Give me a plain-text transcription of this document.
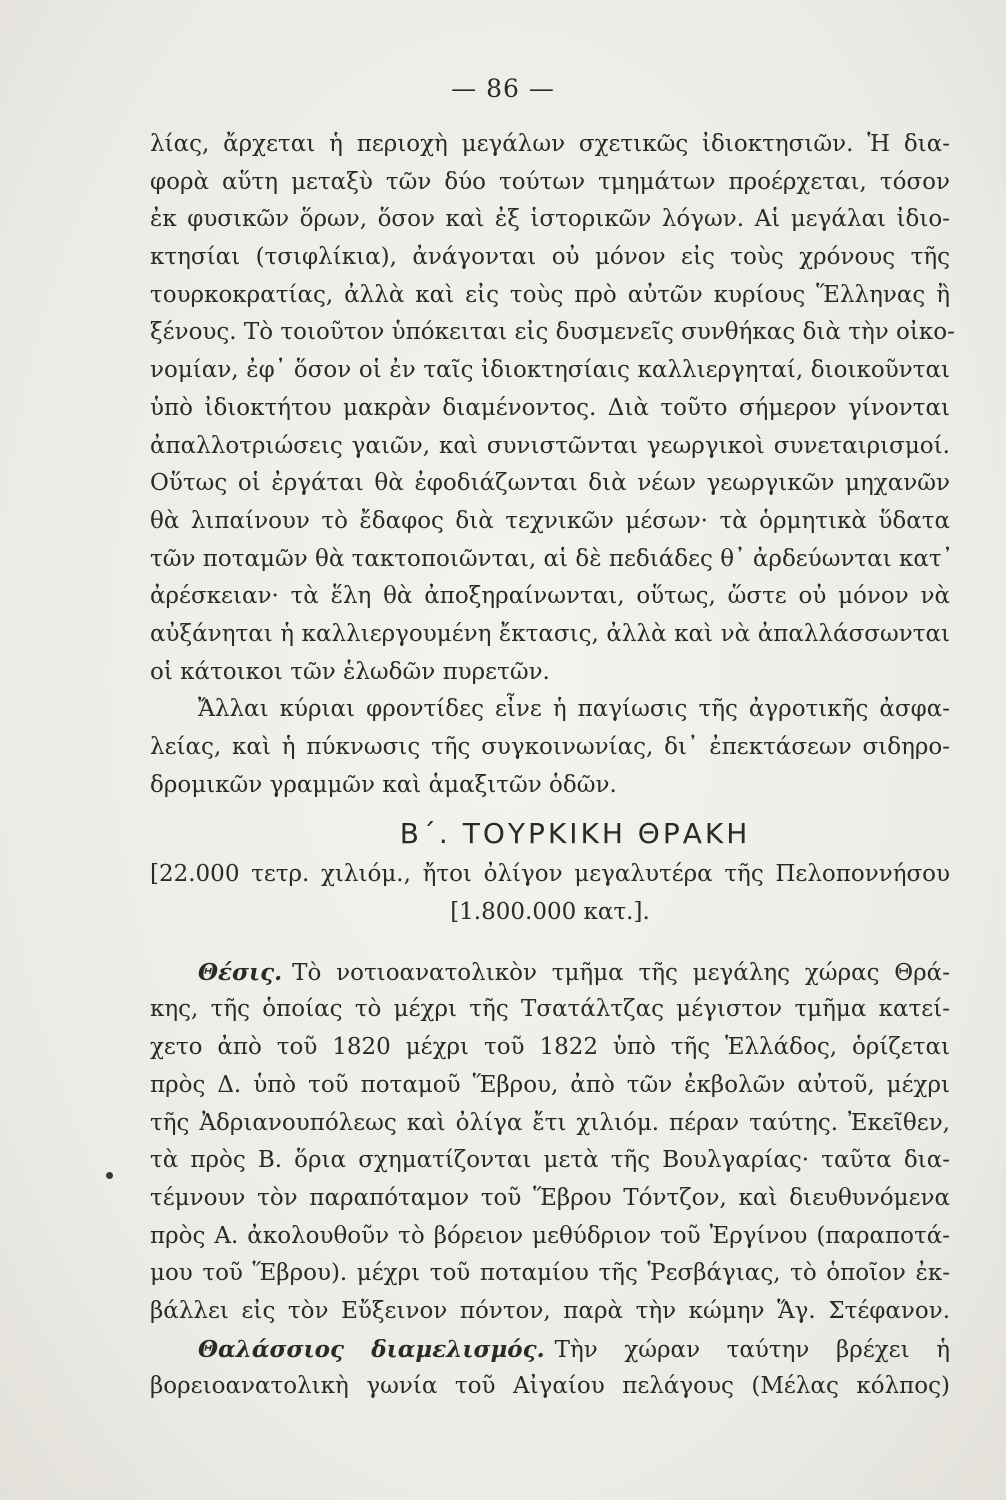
— 86 —
λίας, ἄρχεται ἡ περιοχὴ μεγάλων σχετικῶς ἰδιοκτησιῶν. Ἡ δια-
φορὰ αὕτη μεταξὺ τῶν δύο τούτων τμημάτων προέρχεται, τόσον
ἐκ φυσικῶν ὅρων, ὅσον καὶ ἐξ ἱστορικῶν λόγων. Αἱ μεγάλαι ἰδιο-
κτησίαι (τσιφλίκια), ἀνάγονται οὐ μόνον εἰς τοὺς χρόνους τῆς
τουρκοκρατίας, ἀλλὰ καὶ εἰς τοὺς πρὸ αὐτῶν κυρίους Ἕλληνας ἢ
ξένους. Τὸ τοιοῦτον ὑπόκειται εἰς δυσμενεῖς συνθήκας διὰ τὴν οἰκο-
νομίαν, ἐφ᾽ ὅσον οἱ ἐν ταῖς ἰδιοκτησίαις καλλιεργηταί, διοικοῦνται
ὑπὸ ἰδιοκτήτου μακρὰν διαμένοντος. Διὰ τοῦτο σήμερον γίνονται
ἀπαλλοτριώσεις γαιῶν, καὶ συνιστῶνται γεωργικοὶ συνεταιρισμοί.
Οὕτως οἱ ἐργάται θὰ ἐφοδιάζωνται διὰ νέων γεωργικῶν μηχανῶν
θὰ λιπαίνουν τὸ ἔδαφος διὰ τεχνικῶν μέσων· τὰ ὁρμητικὰ ὕδατα
τῶν ποταμῶν θὰ τακτοποιῶνται, αἱ δὲ πεδιάδες θ᾽ ἀρδεύωνται κατ᾽
ἀρέσκειαν· τὰ ἕλη θὰ ἀποξηραίνωνται, οὕτως, ὥστε οὐ μόνον νὰ
αὐξάνηται ἡ καλλιεργουμένη ἔκτασις, ἀλλὰ καὶ νὰ ἀπαλλάσσωνται
οἱ κάτοικοι τῶν ἑλωδῶν πυρετῶν.
Ἄλλαι κύριαι φροντίδες εἶνε ἡ παγίωσις τῆς ἀγροτικῆς ἀσφα-
λείας, καὶ ἡ πύκνωσις τῆς συγκοινωνίας, δι᾽ ἐπεκτάσεων σιδηρο-
δρομικῶν γραμμῶν καὶ ἁμαξιτῶν ὁδῶν.
Β΄. ΤΟΥΡΚΙΚΗ ΘΡΑΚΗ
[22.000 τετρ. χιλιόμ., ἤτοι ὀλίγον μεγαλυτέρα τῆς Πελοποννήσου
[1.800.000 κατ.].
Θέσις. Τὸ νοτιοανατολικὸν τμῆμα τῆς μεγάλης χώρας Θρά-
κης, τῆς ὁποίας τὸ μέχρι τῆς Τσατάλτζας μέγιστον τμῆμα κατεί-
χετο ἀπὸ τοῦ 1820 μέχρι τοῦ 1822 ὑπὸ τῆς Ἑλλάδος, ὁρίζεται
πρὸς Δ. ὑπὸ τοῦ ποταμοῦ Ἕβρου, ἀπὸ τῶν ἐκβολῶν αὐτοῦ, μέχρι
τῆς Ἀδριανουπόλεως καὶ ὀλίγα ἔτι χιλιόμ. πέραν ταύτης. Ἐκεῖθεν,
τὰ πρὸς Β. ὅρια σχηματίζονται μετὰ τῆς Βουλγαρίας· ταῦτα δια-
τέμνουν τὸν παραπόταμον τοῦ Ἕβρου Τόντζον, καὶ διευθυνόμενα
πρὸς Α. ἀκολουθοῦν τὸ βόρειον μεθύδριον τοῦ Ἐργίνου (παραποτά-
μου τοῦ Ἕβρου). μέχρι τοῦ ποταμίου τῆς Ῥεσβάγιας, τὸ ὁποῖον ἐκ-
βάλλει εἰς τὸν Εὔξεινον πόντον, παρὰ τὴν κώμην Ἅγ. Στέφανον.
Θαλάσσιος διαμελισμός. Τὴν χώραν ταύτην βρέχει ἡ
βορειοανατολικὴ γωνία τοῦ Αἰγαίου πελάγους (Μέλας κόλπος)
